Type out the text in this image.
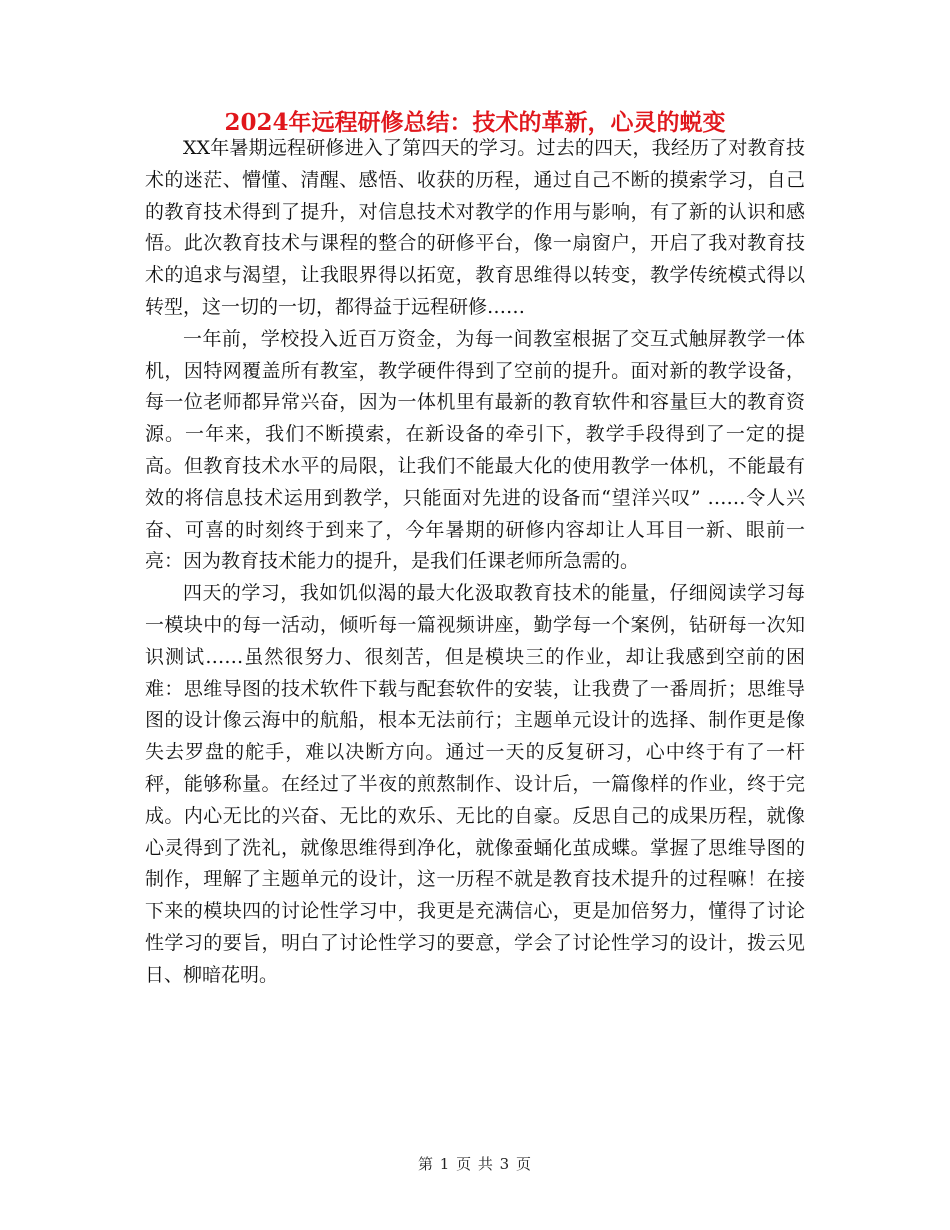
2024年远程研修总结：技术的革新，心灵的蜕变

XX年暑期远程研修进入了第四天的学习。过去的四天，我经历了对教育技术的迷茫、懵懂、清醒、感悟、收获的历程，通过自己不断的摸索学习，自己的教育技术得到了提升，对信息技术对教学的作用与影响，有了新的认识和感悟。此次教育技术与课程的整合的研修平台，像一扇窗户，开启了我对教育技术的追求与渴望，让我眼界得以拓宽，教育思维得以转变，教学传统模式得以转型，这一切的一切，都得益于远程研修……

一年前，学校投入近百万资金，为每一间教室根据了交互式触屏教学一体机，因特网覆盖所有教室，教学硬件得到了空前的提升。面对新的教学设备，每一位老师都异常兴奋，因为一体机里有最新的教育软件和容量巨大的教育资源。一年来，我们不断摸索，在新设备的牵引下，教学手段得到了一定的提高。但教育技术水平的局限，让我们不能最大化的使用教学一体机，不能最有效的将信息技术运用到教学，只能面对先进的设备而“望洋兴叹” ……令人兴奋、可喜的时刻终于到来了，今年暑期的研修内容却让人耳目一新、眼前一亮：因为教育技术能力的提升，是我们任课老师所急需的。

四天的学习，我如饥似渴的最大化汲取教育技术的能量，仔细阅读学习每一模块中的每一活动，倾听每一篇视频讲座，勤学每一个案例，钻研每一次知识测试……虽然很努力、很刻苦，但是模块三的作业，却让我感到空前的困难：思维导图的技术软件下载与配套软件的安装，让我费了一番周折；思维导图的设计像云海中的航船，根本无法前行；主题单元设计的选择、制作更是像失去罗盘的舵手，难以决断方向。通过一天的反复研习，心中终于有了一杆秤，能够称量。在经过了半夜的煎熬制作、设计后，一篇像样的作业，终于完成。内心无比的兴奋、无比的欢乐、无比的自豪。反思自己的成果历程，就像心灵得到了洗礼，就像思维得到净化，就像蚕蛹化茧成蝶。掌握了思维导图的制作，理解了主题单元的设计，这一历程不就是教育技术提升的过程嘛！在接下来的模块四的讨论性学习中，我更是充满信心，更是加倍努力，懂得了讨论性学习的要旨，明白了讨论性学习的要意，学会了讨论性学习的设计，拨云见日、柳暗花明。

第 1 页 共 3 页
